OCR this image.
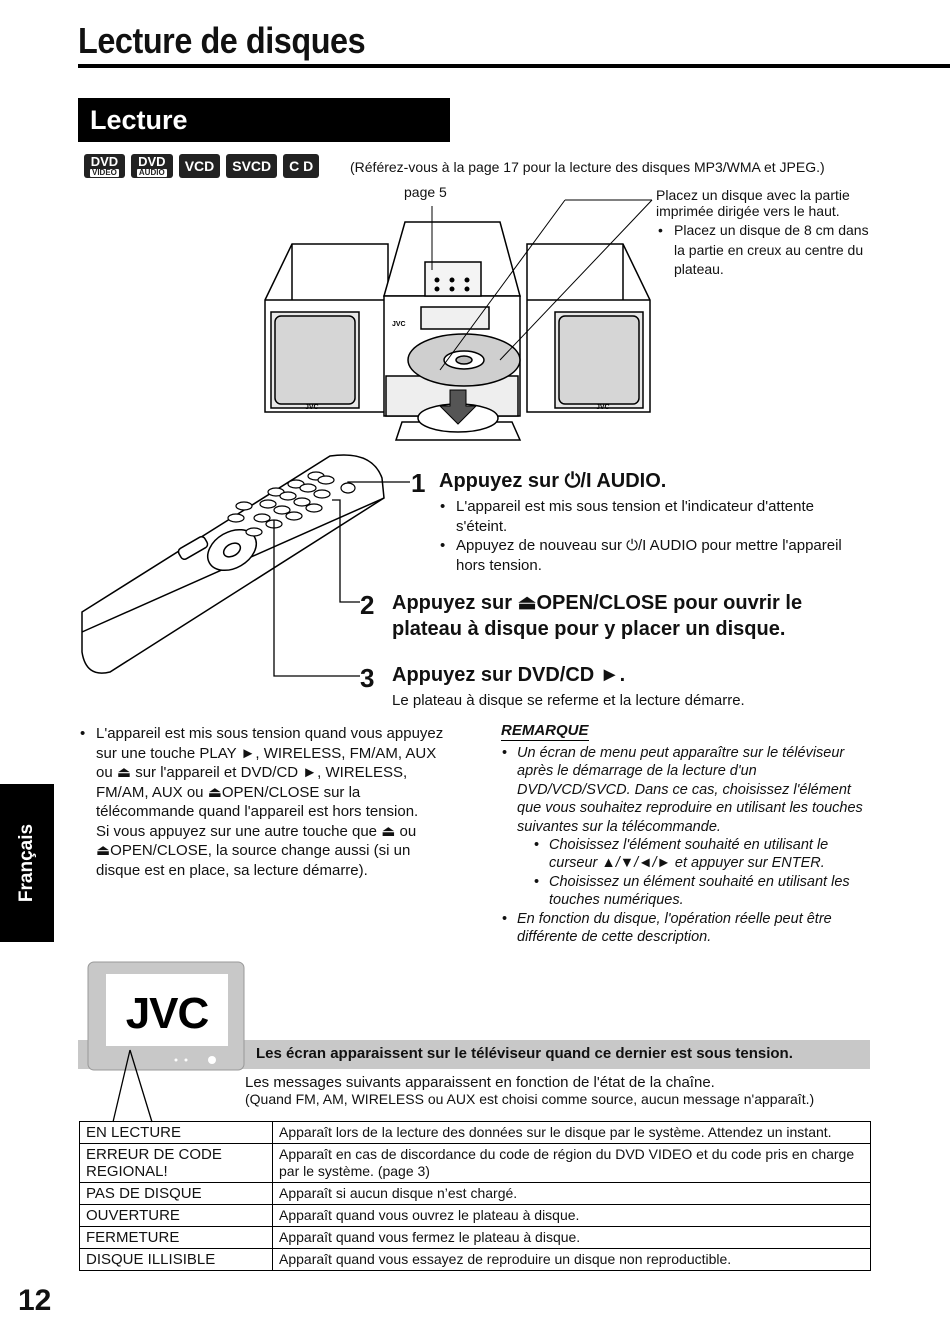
Lecture de disques
Lecture
DVD
VIDEO
DVD
AUDIO	VCD	SVCD	C D	(Référez-vous à la page 17 pour la lecture des disques MP3/WMA et JPEG.)
JVC
JVC	JVC
page 5	Placez un disque avec la partie imprimée dirigée vers le haut.
• Placez un disque de 8 cm dans la partie en creux au centre du plateau.
1 Appuyez sur ⏻/I AUDIO.
• L'appareil est mis sous tension et l'indicateur d'attente s'éteint.
• Appuyez de nouveau sur ⏻/I AUDIO pour mettre l'appareil hors tension.
2 Appuyez sur ⏏OPEN/CLOSE pour ouvrir le plateau à disque pour y placer un disque.
3 Appuyez sur DVD/CD ►.
Le plateau à disque se referme et la lecture démarre.
• L'appareil est mis sous tension quand vous appuyez sur une touche PLAY ►, WIRELESS, FM/AM, AUX ou ⏏ sur l'appareil et DVD/CD ►, WIRELESS, FM/AM, AUX ou ⏏OPEN/CLOSE sur la télécommande quand l'appareil est hors tension.
Si vous appuyez sur une autre touche que ⏏ ou ⏏OPEN/CLOSE, la source change aussi (si un disque est en place, sa lecture démarre).
REMARQUE
• Un écran de menu peut apparaître sur le téléviseur après le démarrage de la lecture d'un DVD/VCD/SVCD. Dans ce cas, choisissez l'élément que vous souhaitez reproduire en utilisant les touches suivantes sur la télécommande.
• Choisissez l'élément souhaité en utilisant le curseur ▲/▼/◄/► et appuyer sur ENTER.
• Choisissez un élément souhaité en utilisant les touches numériques.
• En fonction du disque, l'opération réelle peut être différente de cette description.
Français
JVC
Les écran apparaissent sur le téléviseur quand ce dernier est sous tension.
Les messages suivants apparaissent en fonction de l'état de la chaîne.
(Quand FM, AM, WIRELESS ou AUX est choisi comme source, aucun message n'apparaît.)
EN LECTURE	Apparaît lors de la lecture des données sur le disque par le système. Attendez un instant.
ERREUR DE CODE REGIONAL!	Apparaît en cas de discordance du code de région du DVD VIDEO et du code pris en charge par le système. (page 3)
PAS DE DISQUE	Apparaît si aucun disque n’est chargé.
OUVERTURE	Apparaît quand vous ouvrez le plateau à disque.
FERMETURE	Apparaît quand vous fermez le plateau à disque.
DISQUE ILLISIBLE	Apparaît quand vous essayez de reproduire un disque non reproductible.
12
